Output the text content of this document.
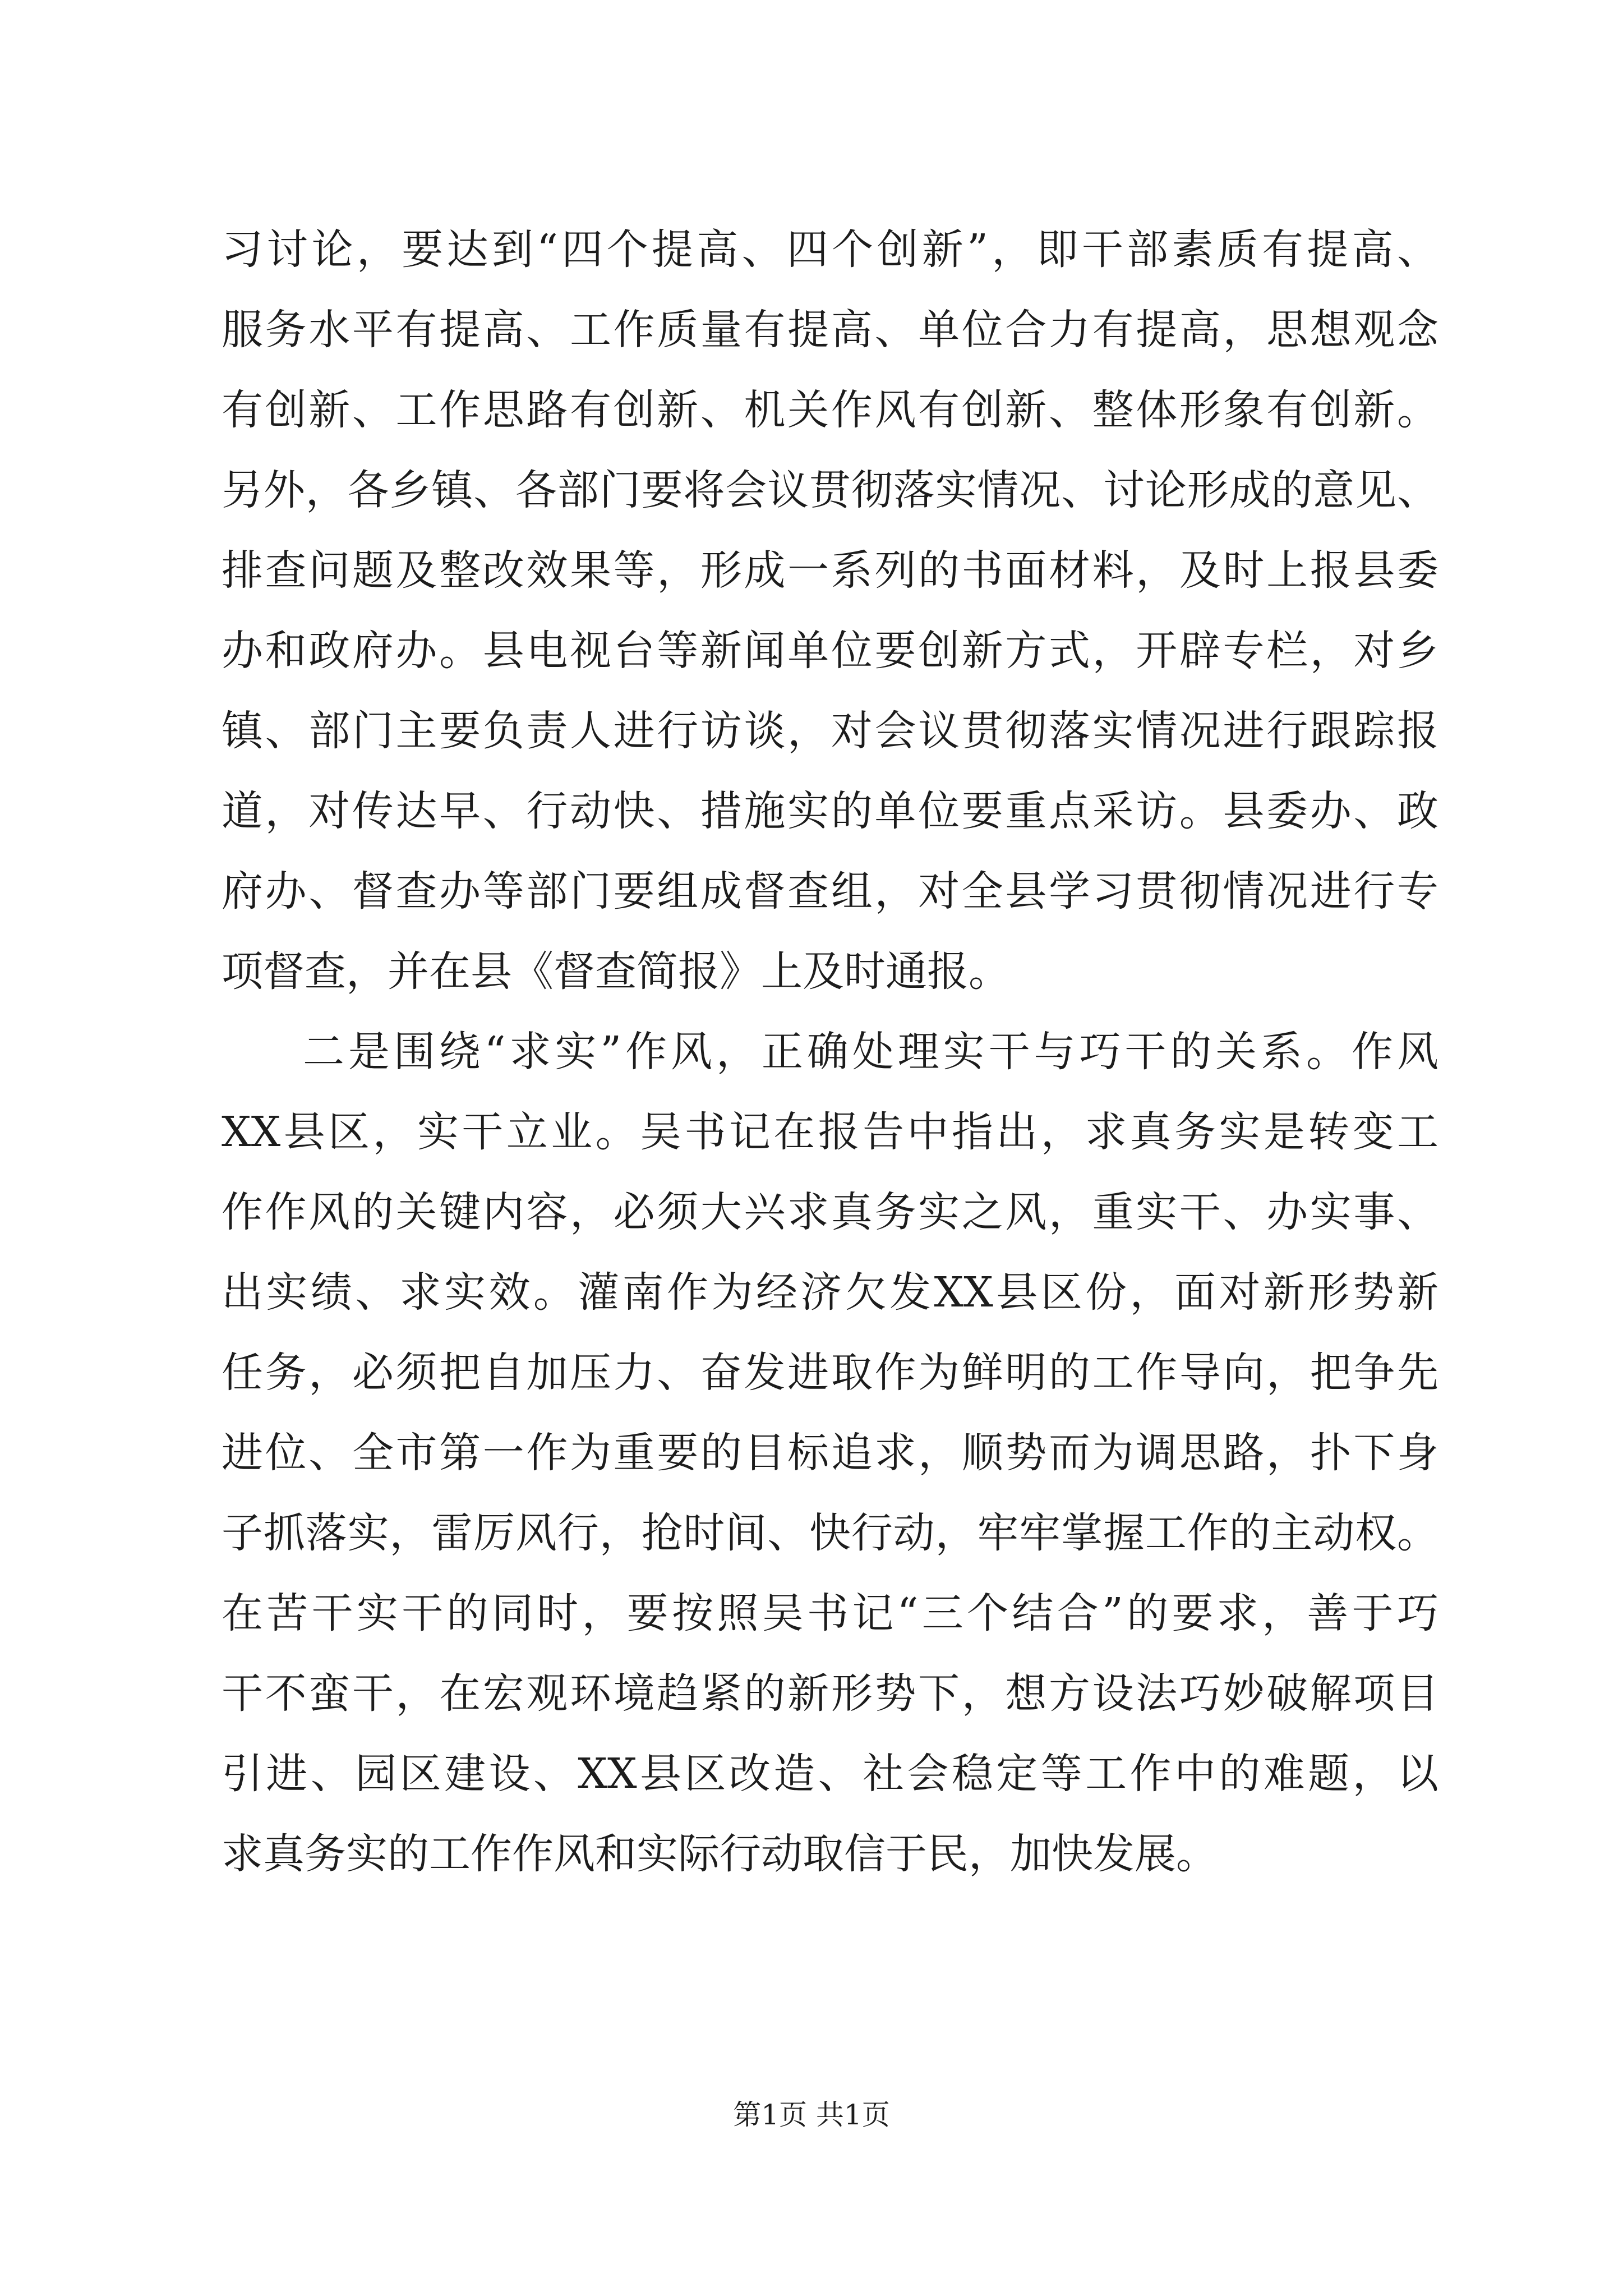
习讨论，要达到“四个提高、四个创新”，即干部素质有提高、

服务水平有提高、工作质量有提高、单位合力有提高，思想观念

有创新、工作思路有创新、机关作风有创新、整体形象有创新。

另外，各乡镇、各部门要将会议贯彻落实情况、讨论形成的意见、

排查问题及整改效果等，形成一系列的书面材料，及时上报县委

办和政府办。县电视台等新闻单位要创新方式，开辟专栏，对乡

镇、部门主要负责人进行访谈，对会议贯彻落实情况进行跟踪报

道，对传达早、行动快、措施实的单位要重点采访。县委办、政

府办、督查办等部门要组成督查组，对全县学习贯彻情况进行专

项督查，并在县《督查简报》上及时通报。

二是围绕“求实”作风，正确处理实干与巧干的关系。作风

XX县区，实干立业。吴书记在报告中指出，求真务实是转变工

作作风的关键内容，必须大兴求真务实之风，重实干、办实事、

出实绩、求实效。灌南作为经济欠发XX县区份，面对新形势新

任务，必须把自加压力、奋发进取作为鲜明的工作导向，把争先

进位、全市第一作为重要的目标追求，顺势而为调思路，扑下身

子抓落实，雷厉风行，抢时间、快行动，牢牢掌握工作的主动权。

在苦干实干的同时，要按照吴书记“三个结合”的要求，善于巧

干不蛮干，在宏观环境趋紧的新形势下，想方设法巧妙破解项目

引进、园区建设、XX县区改造、社会稳定等工作中的难题，以

求真务实的工作作风和实际行动取信于民，加快发展。

第1页 共1页
